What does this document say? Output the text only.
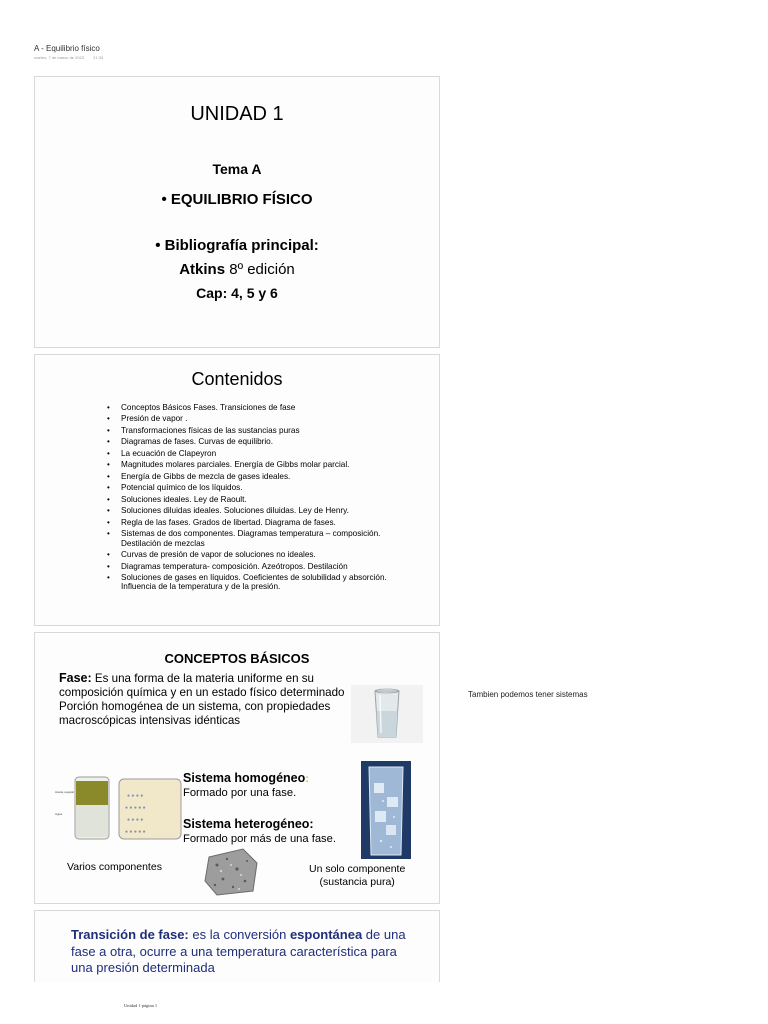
A - Equilibrio físico
martes, 7 de marzo de 2023 21:33
UNIDAD 1
Tema A
• EQUILIBRIO FÍSICO
• Bibliografía principal:
Atkins 8º edición
Cap: 4, 5 y 6
Contenidos
• Conceptos Básicos Fases. Transiciones de fase
• Presión de vapor .
• Transformaciones físicas de las sustancias puras
• Diagramas de fases. Curvas de equilibrio.
• La ecuación de Clapeyron
• Magnitudes molares parciales. Energía de Gibbs molar parcial.
• Energía de Gibbs de mezcla de gases ideales.
• Potencial químico de los líquidos.
• Soluciones ideales. Ley de Raoult.
• Soluciones diluidas ideales. Soluciones diluidas. Ley de Henry.
• Regla de las fases. Grados de libertad. Diagrama de fases.
• Sistemas de dos componentes. Diagramas temperatura – composición. Destilación de mezclas
• Curvas de presión de vapor de soluciones no ideales.
• Diagramas temperatura- composición. Azeótropos. Destilación
• Soluciones de gases en líquidos. Coeficientes de solubilidad y absorción. Influencia de la temperatura y de la presión.
CONCEPTOS BÁSICOS
Fase: Es una forma de la materia uniforme en su composición química y en un estado físico determinado
Porción homogénea de un sistema, con propiedades macroscópicas intensivas idénticas
Aceite vegetal
Agua
● ● ● ●
● ● ● ● ●
● ● ● ●
● ● ● ● ●
Sistema homogéneo:
Formado por una fase.
Sistema heterogéneo:
Formado por más de una fase.
Varios componentes	Un solo componente
(sustancia pura)
Transición de fase: es la conversión espontánea de una fase a otra, ocurre a una temperatura característica para una presión determinada
Tambien podemos tener sistemas
Unidad 1 página 1
